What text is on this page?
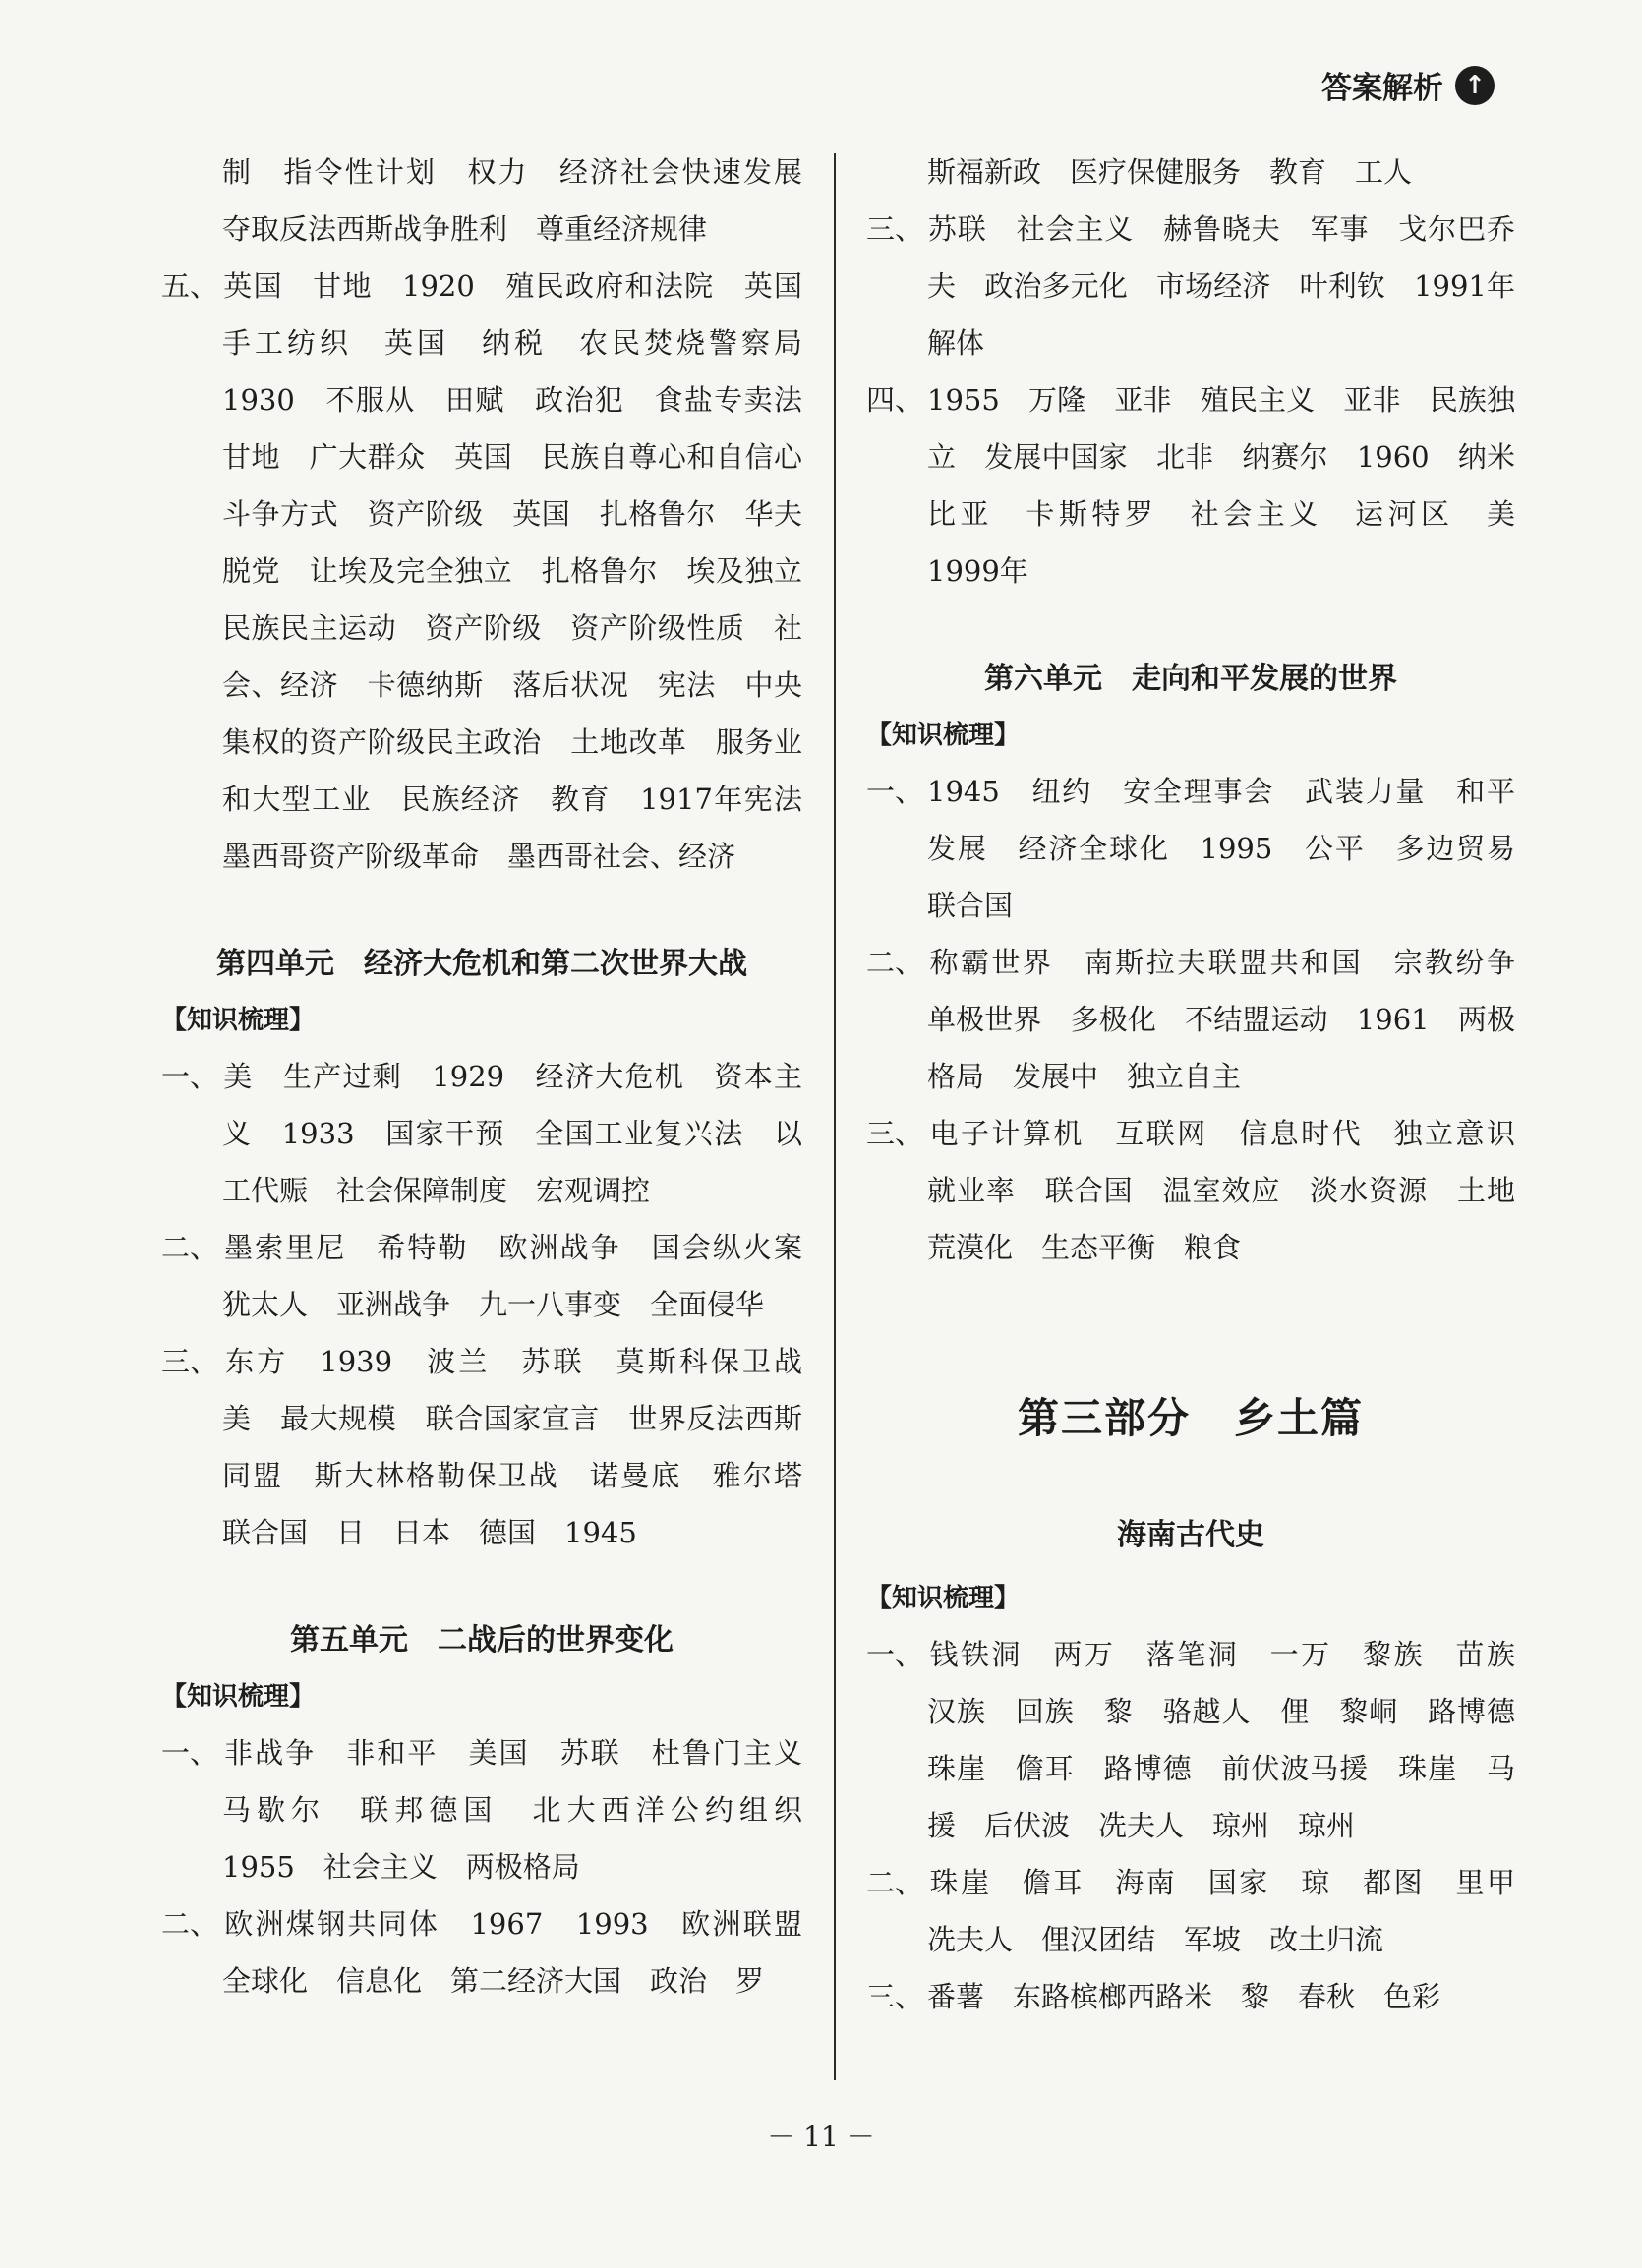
答案解析 ↑

制　指令性计划　权力　经济社会快速发展　夺取反法西斯战争胜利　尊重经济规律

五、 英国　甘地　1920　殖民政府和法院　英国　手工纺织　英国　纳税　农民焚烧警察局　1930　不服从　田赋　政治犯　食盐专卖法　甘地　广大群众　英国　民族自尊心和自信心　斗争方式　资产阶级　英国　扎格鲁尔　华夫脱党　让埃及完全独立　扎格鲁尔　埃及独立　民族民主运动　资产阶级　资产阶级性质　社会、经济　卡德纳斯　落后状况　宪法　中央集权的资产阶级民主政治　土地改革　服务业和大型工业　民族经济　教育　1917年宪法　墨西哥资产阶级革命　墨西哥社会、经济

第四单元　经济大危机和第二次世界大战

【知识梳理】

一、 美　生产过剩　1929　经济大危机　资本主义　1933　国家干预　全国工业复兴法　以工代赈　社会保障制度　宏观调控

二、 墨索里尼　希特勒　欧洲战争　国会纵火案　犹太人　亚洲战争　九一八事变　全面侵华

三、 东方　1939　波兰　苏联　莫斯科保卫战　美　最大规模　联合国家宣言　世界反法西斯同盟　斯大林格勒保卫战　诺曼底　雅尔塔　联合国　日　日本　德国　1945

第五单元　二战后的世界变化

【知识梳理】

一、 非战争　非和平　美国　苏联　杜鲁门主义　马歇尔　联邦德国　北大西洋公约组织　1955　社会主义　两极格局

二、 欧洲煤钢共同体　1967　1993　欧洲联盟　全球化　信息化　第二经济大国　政治　罗

斯福新政　医疗保健服务　教育　工人

三、 苏联　社会主义　赫鲁晓夫　军事　戈尔巴乔夫　政治多元化　市场经济　叶利钦　1991年　解体

四、 1955　万隆　亚非　殖民主义　亚非　民族独立　发展中国家　北非　纳赛尔　1960　纳米比亚　卡斯特罗　社会主义　运河区　美　1999年

第六单元　走向和平发展的世界

【知识梳理】

一、 1945　纽约　安全理事会　武装力量　和平　发展　经济全球化　1995　公平　多边贸易　联合国

二、 称霸世界　南斯拉夫联盟共和国　宗教纷争　单极世界　多极化　不结盟运动　1961　两极格局　发展中　独立自主

三、 电子计算机　互联网　信息时代　独立意识　就业率　联合国　温室效应　淡水资源　土地荒漠化　生态平衡　粮食

第三部分　乡土篇
海南古代史

【知识梳理】

一、 钱铁洞　两万　落笔洞　一万　黎族　苗族　汉族　回族　黎　骆越人　俚　黎峒　路博德　珠崖　儋耳　路博德　前伏波马援　珠崖　马援　后伏波　冼夫人　琼州　琼州

二、 珠崖　儋耳　海南　国家　琼　都图　里甲　冼夫人　俚汉团结　军坡　改土归流

三、 番薯　东路槟榔西路米　黎　春秋　色彩

－ 11 －
